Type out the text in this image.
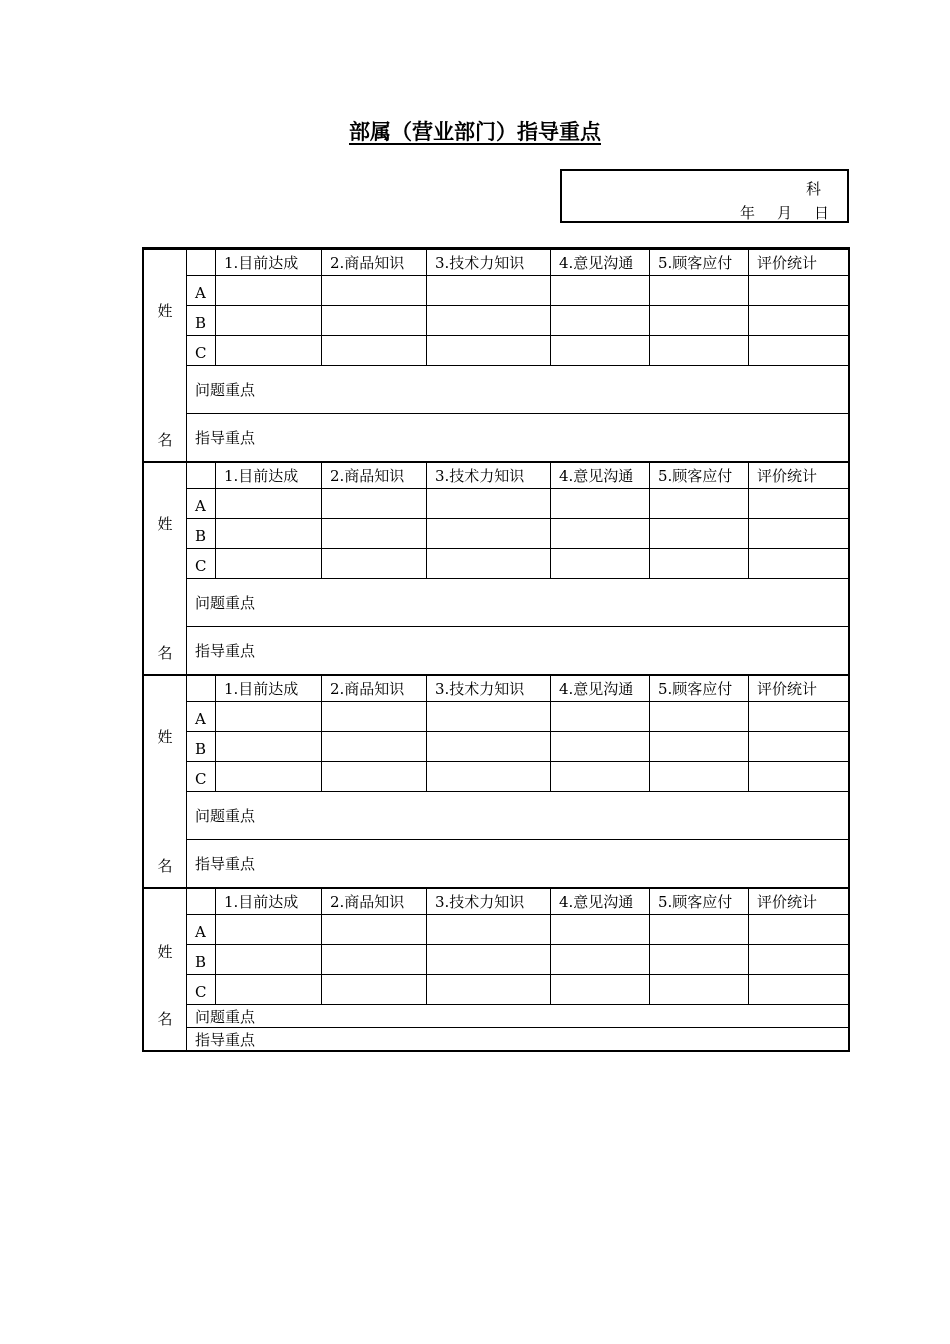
部属（营业部门）指导重点
科
年 月 日
姓
名		1.目前达成	2.商品知识	3.技术力知识	4.意见沟通	5.顾客应付	评价统计
	A						
	B						
	C						
	问题重点						
	指导重点						

姓
名		1.目前达成	2.商品知识	3.技术力知识	4.意见沟通	5.顾客应付	评价统计
	A						
	B						
	C						
	问题重点						
	指导重点						

姓
名		1.目前达成	2.商品知识	3.技术力知识	4.意见沟通	5.顾客应付	评价统计
	A						
	B						
	C						
	问题重点						
	指导重点						

姓
名		1.目前达成	2.商品知识	3.技术力知识	4.意见沟通	5.顾客应付	评价统计
	A						
	B						
	C						
	问题重点						
	指导重点						
